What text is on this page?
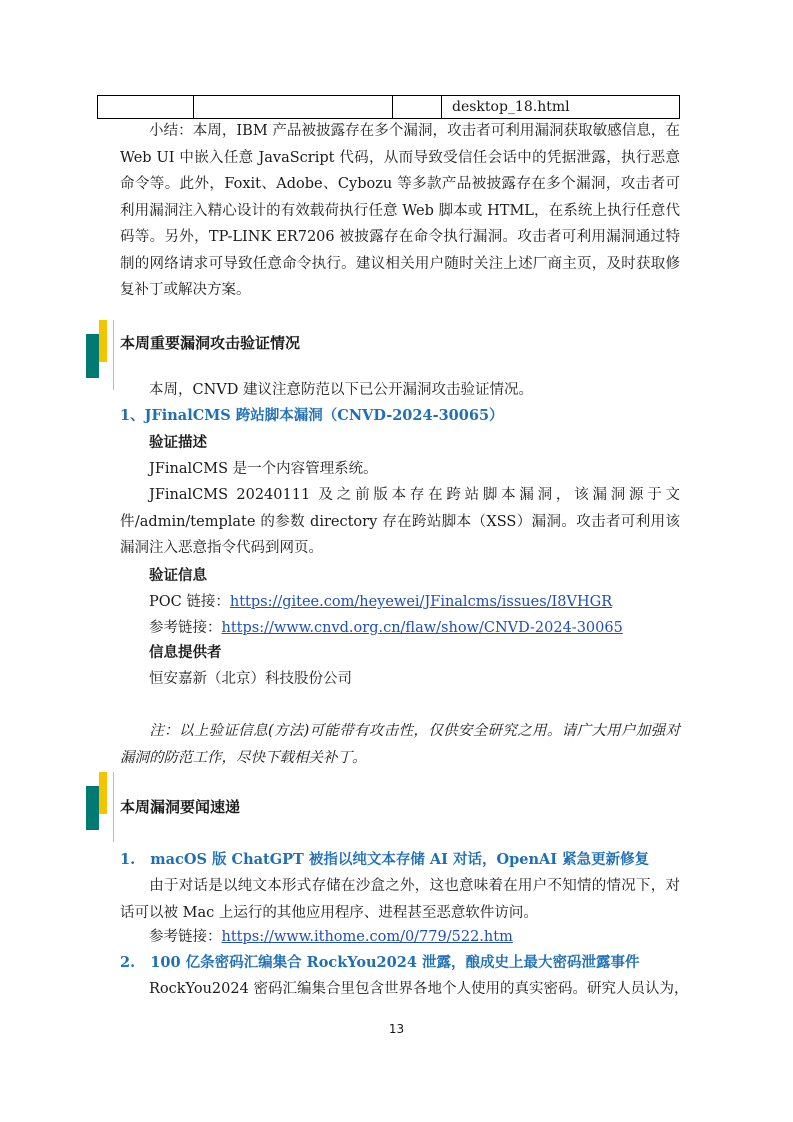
desktop_18.html

小结：本周，IBM 产品被披露存在多个漏洞，攻击者可利用漏洞获取敏感信息，在 Web UI 中嵌入任意 JavaScript 代码，从而导致受信任会话中的凭据泄露，执行恶意命令等。此外，Foxit、Adobe、Cybozu 等多款产品被披露存在多个漏洞，攻击者可利用漏洞注入精心设计的有效载荷执行任意 Web 脚本或 HTML，在系统上执行任意代码等。另外，TP-LINK ER7206 被披露存在命令执行漏洞。攻击者可利用漏洞通过特制的网络请求可导致任意命令执行。建议相关用户随时关注上述厂商主页，及时获取修复补丁或解决方案。

本周重要漏洞攻击验证情况

本周，CNVD 建议注意防范以下已公开漏洞攻击验证情况。

1、JFinalCMS 跨站脚本漏洞（CNVD-2024-30065）

验证描述

JFinalCMS 是一个内容管理系统。

JFinalCMS 20240111 及之前版本存在跨站脚本漏洞，该漏洞源于文件/admin/template 的参数 directory 存在跨站脚本（XSS）漏洞。攻击者可利用该漏洞注入恶意指令代码到网页。

验证信息

POC 链接：https://gitee.com/heyewei/JFinalcms/issues/I8VHGR

参考链接：https://www.cnvd.org.cn/flaw/show/CNVD-2024-30065

信息提供者

恒安嘉新（北京）科技股份公司

注：以上验证信息(方法)可能带有攻击性，仅供安全研究之用。请广大用户加强对漏洞的防范工作，尽快下载相关补丁。

本周漏洞要闻速递

1. macOS 版 ChatGPT 被指以纯文本存储 AI 对话，OpenAI 紧急更新修复

由于对话是以纯文本形式存储在沙盒之外，这也意味着在用户不知情的情况下，对话可以被 Mac 上运行的其他应用程序、进程甚至恶意软件访问。

参考链接：https://www.ithome.com/0/779/522.htm

2. 100 亿条密码汇编集合 RockYou2024 泄露，酿成史上最大密码泄露事件

RockYou2024 密码汇编集合里包含世界各地个人使用的真实密码。研究人员认为，

13
